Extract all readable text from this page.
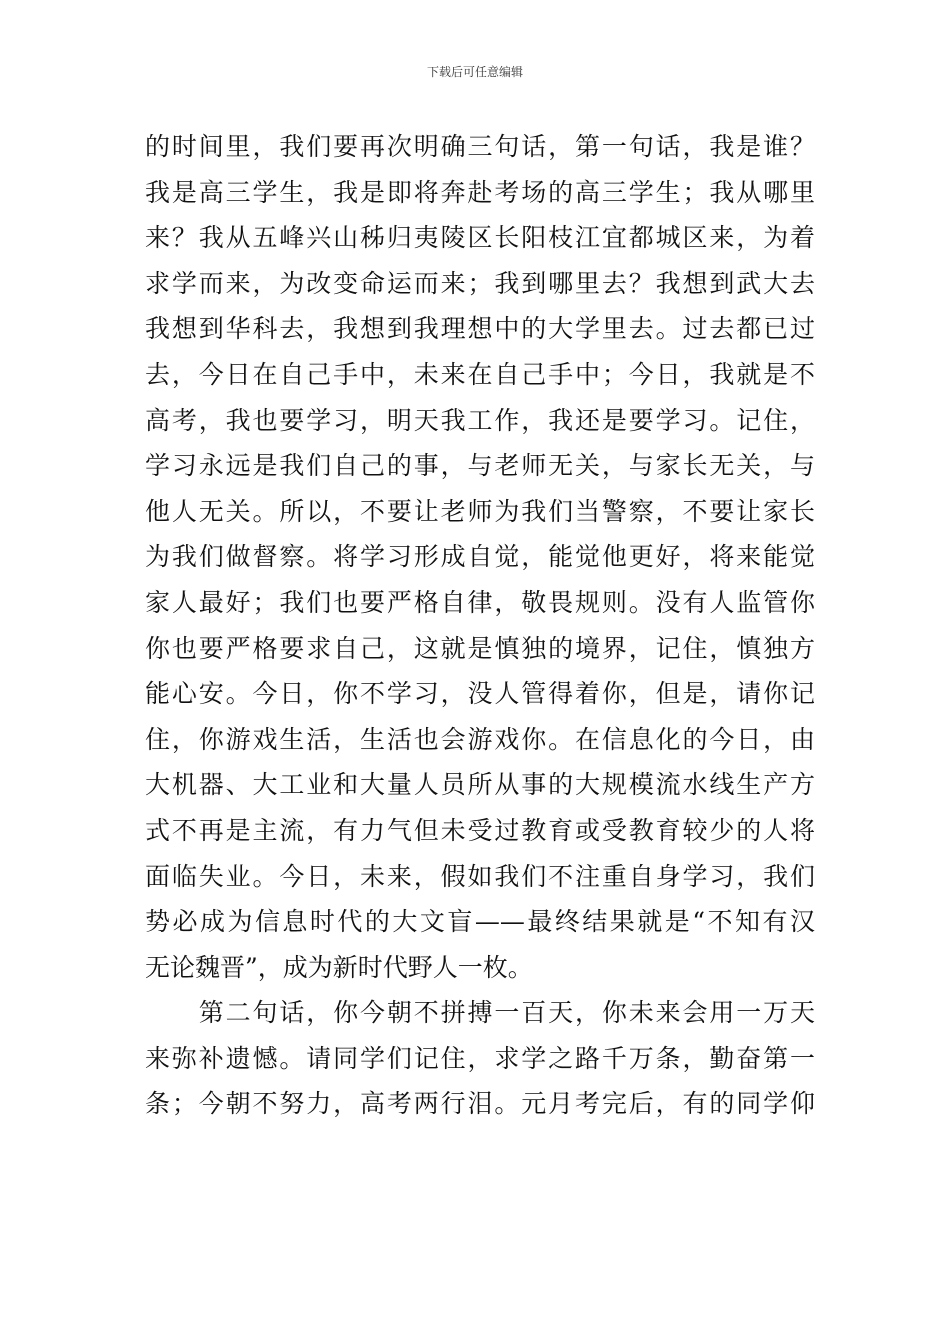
下载后可任意编辑
的时间里，我们要再次明确三句话，第一句话，我是谁？
我是高三学生，我是即将奔赴考场的高三学生；我从哪里
来？我从五峰兴山秭归夷陵区长阳枝江宜都城区来，为着
求学而来，为改变命运而来；我到哪里去？我想到武大去
我想到华科去，我想到我理想中的大学里去。过去都已过
去，今日在自己手中，未来在自己手中；今日，我就是不
高考，我也要学习，明天我工作，我还是要学习。记住，
学习永远是我们自己的事，与老师无关，与家长无关，与
他人无关。所以，不要让老师为我们当警察，不要让家长
为我们做督察。将学习形成自觉，能觉他更好，将来能觉
家人最好；我们也要严格自律，敬畏规则。没有人监管你
你也要严格要求自己，这就是慎独的境界，记住，慎独方
能心安。今日，你不学习，没人管得着你，但是，请你记
住，你游戏生活，生活也会游戏你。在信息化的今日，由
大机器、大工业和大量人员所从事的大规模流水线生产方
式不再是主流，有力气但未受过教育或受教育较少的人将
面临失业。今日，未来，假如我们不注重自身学习，我们
势必成为信息时代的大文盲——最终结果就是“不知有汉
无论魏晋”，成为新时代野人一枚。
　　第二句话，你今朝不拼搏一百天，你未来会用一万天
来弥补遗憾。请同学们记住，求学之路千万条，勤奋第一
条；今朝不努力，高考两行泪。元月考完后，有的同学仰
